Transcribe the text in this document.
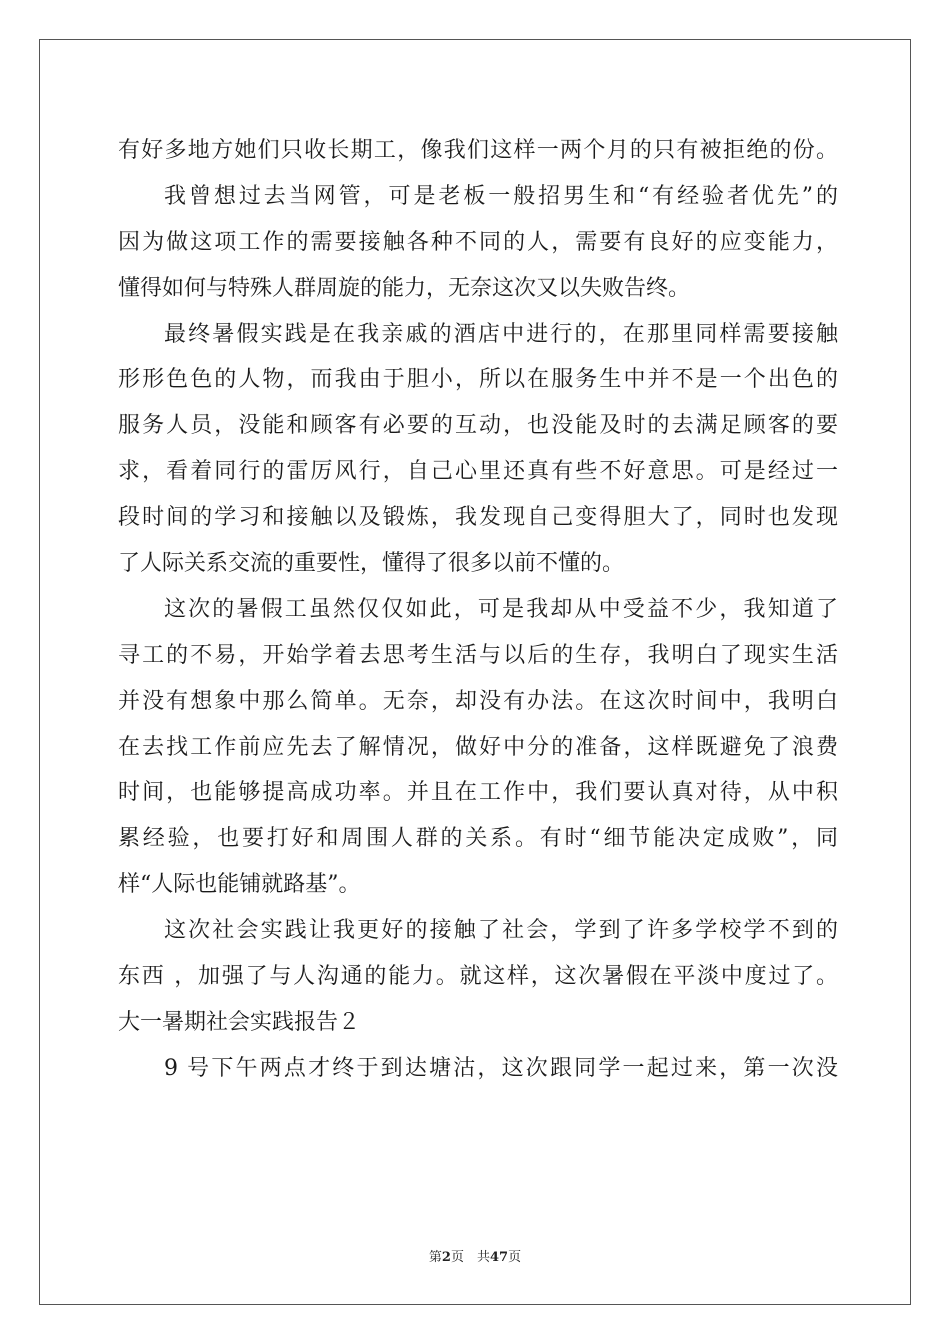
有好多地方她们只收长期工，像我们这样一两个月的只有被拒绝的份。
我曾想过去当网管，可是老板一般招男生和“有经验者优先”的
因为做这项工作的需要接触各种不同的人，需要有良好的应变能力，
懂得如何与特殊人群周旋的能力，无奈这次又以失败告终。
最终暑假实践是在我亲戚的酒店中进行的，在那里同样需要接触
形形色色的人物，而我由于胆小，所以在服务生中并不是一个出色的
服务人员，没能和顾客有必要的互动，也没能及时的去满足顾客的要
求，看着同行的雷厉风行，自己心里还真有些不好意思。可是经过一
段时间的学习和接触以及锻炼，我发现自己变得胆大了，同时也发现
了人际关系交流的重要性，懂得了很多以前不懂的。
这次的暑假工虽然仅仅如此，可是我却从中受益不少，我知道了
寻工的不易，开始学着去思考生活与以后的生存，我明白了现实生活
并没有想象中那么简单。无奈，却没有办法。在这次时间中，我明白
在去找工作前应先去了解情况，做好中分的准备，这样既避免了浪费
时间，也能够提高成功率。并且在工作中，我们要认真对待，从中积
累经验，也要打好和周围人群的关系。有时“细节能决定成败”，同
样“人际也能铺就路基”。
这次社会实践让我更好的接触了社会，学到了许多学校学不到的
东西 ，加强了与人沟通的能力。就这样，这次暑假在平淡中度过了。
大一暑期社会实践报告２
9 号下午两点才终于到达塘沽，这次跟同学一起过来，第一次没
第2页　共47页
